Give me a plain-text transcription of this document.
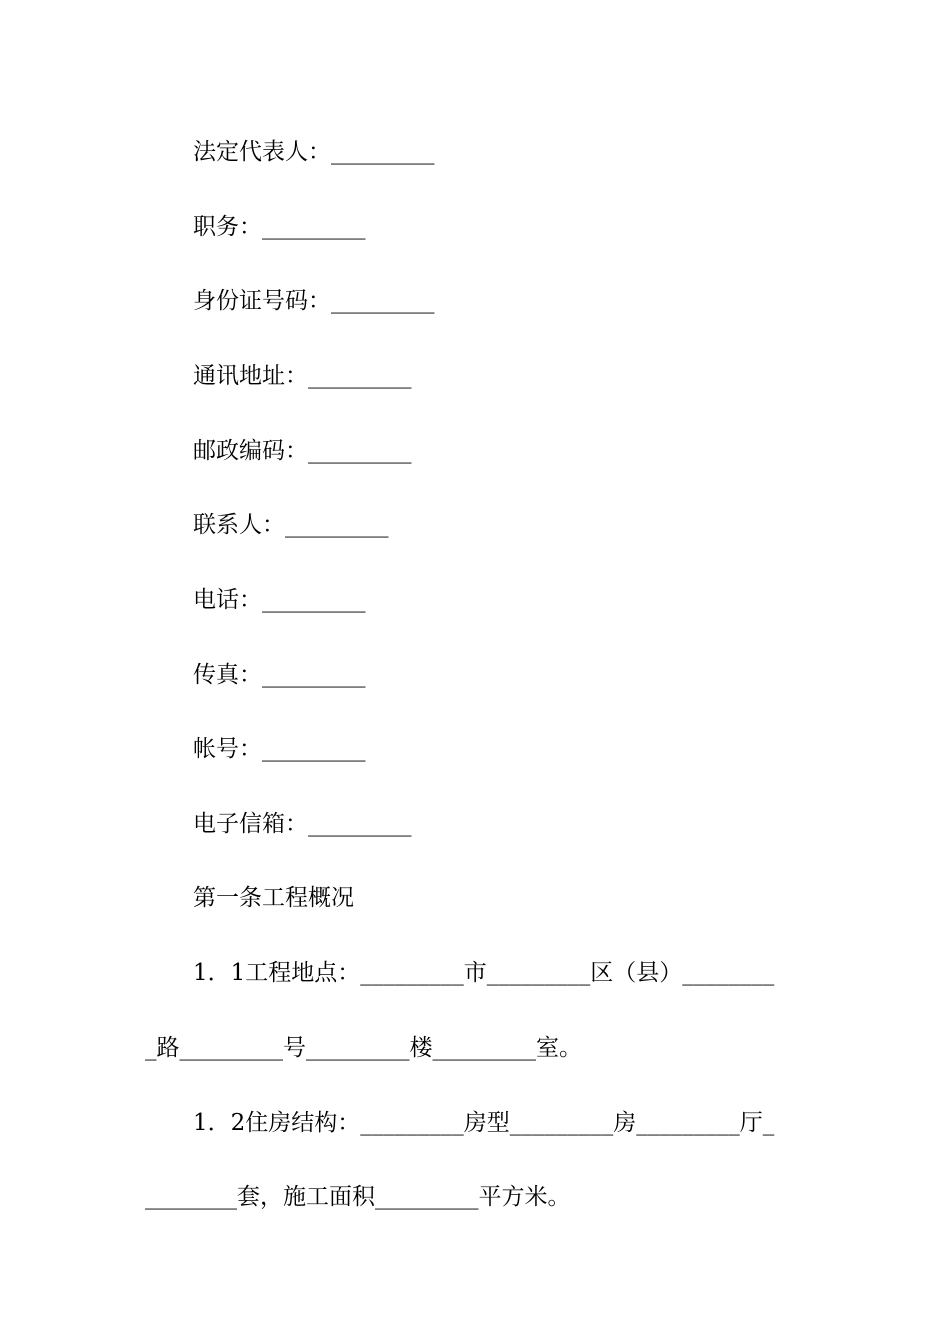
法定代表人：_________
职务：_________
身份证号码：_________
通讯地址：_________
邮政编码：_________
联系人：_________
电话：_________
传真：_________
帐号：_________
电子信箱：_________
第一条工程概况
1．1工程地点：_________市_________区（县）________
_路_________号_________楼_________室。
1．2住房结构：_________房型_________房_________厅_
________套，施工面积_________平方米。
